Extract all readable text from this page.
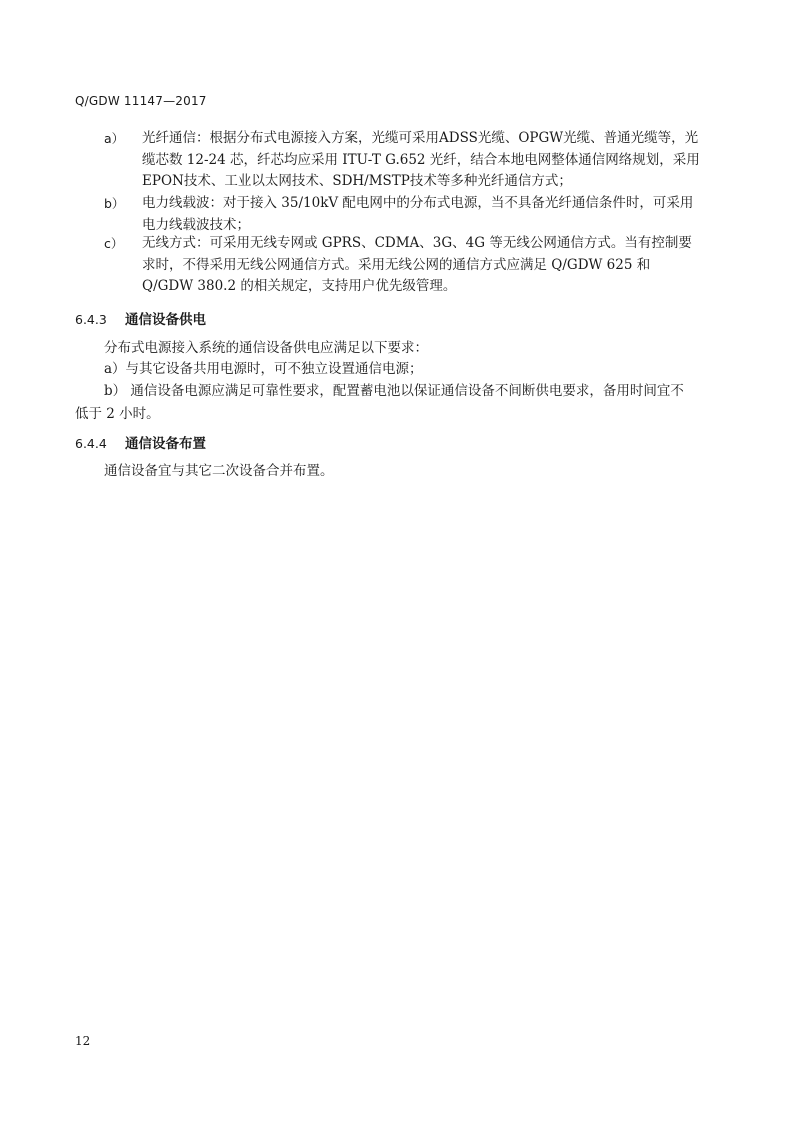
Q/GDW 11147—2017
a） 光纤通信：根据分布式电源接入方案，光缆可采用ADSS光缆、OPGW光缆、普通光缆等，光缆芯数 12-24 芯，纤芯均应采用 ITU-T G.652 光纤，结合本地电网整体通信网络规划，采用EPON技术、工业以太网技术、SDH/MSTP技术等多种光纤通信方式；
b） 电力线载波：对于接入 35/10kV 配电网中的分布式电源，当不具备光纤通信条件时，可采用电力线载波技术；
c） 无线方式：可采用无线专网或 GPRS、CDMA、3G、4G 等无线公网通信方式。当有控制要求时，不得采用无线公网通信方式。采用无线公网的通信方式应满足 Q/GDW 625 和 Q/GDW 380.2 的相关规定，支持用户优先级管理。
6.4.3 通信设备供电
分布式电源接入系统的通信设备供电应满足以下要求：
a）与其它设备共用电源时，可不独立设置通信电源；
b） 通信设备电源应满足可靠性要求，配置蓄电池以保证通信设备不间断供电要求，备用时间宜不低于 2 小时。
6.4.4 通信设备布置
通信设备宜与其它二次设备合并布置。
12
